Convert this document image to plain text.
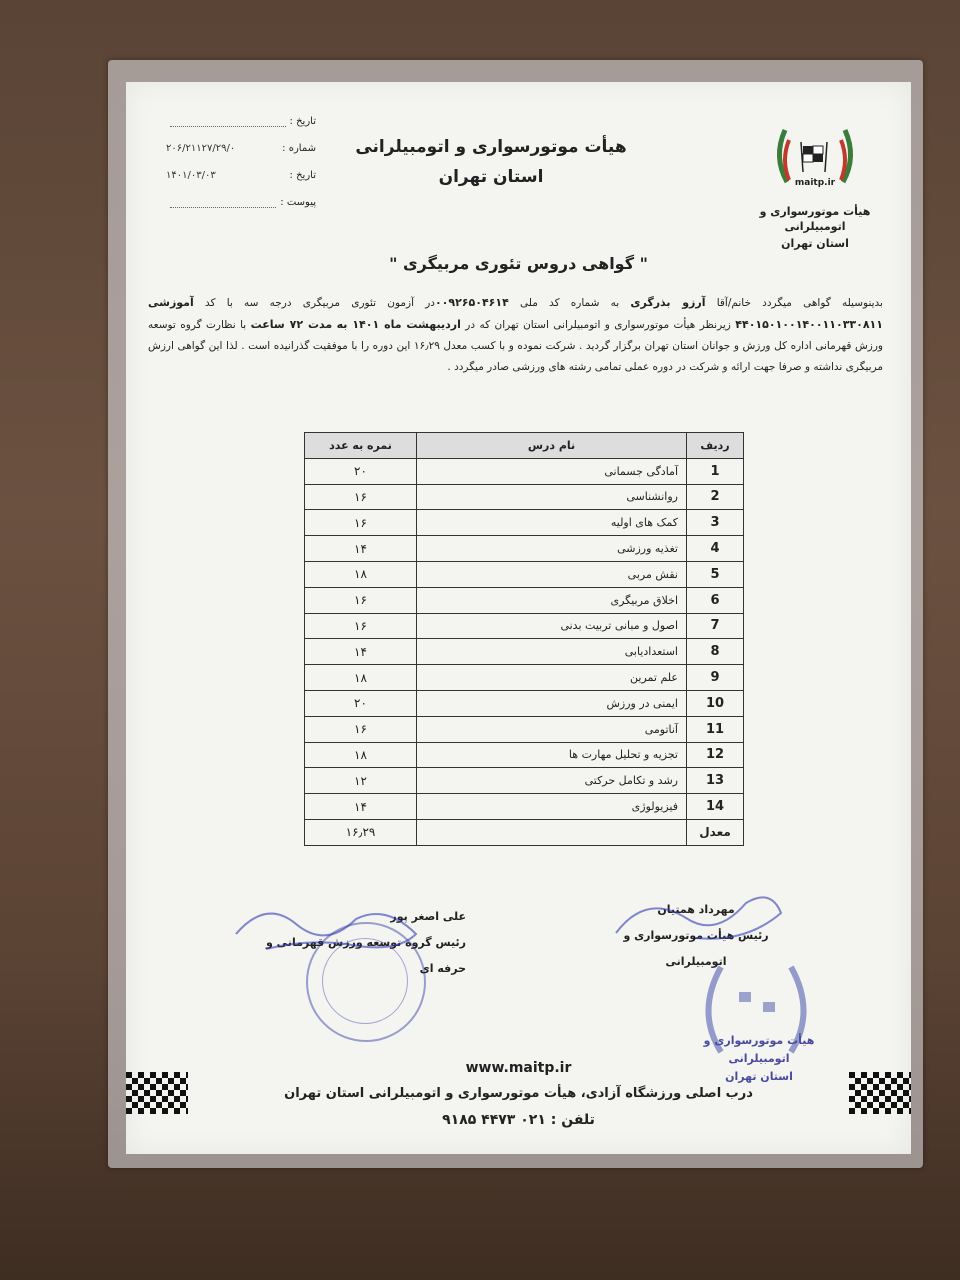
maitp.ir
هیأت موتورسواری و اتومبیلرانی
استان تهران
هیأت موتورسواری و اتومبیلرانی
استان تهران
تاریخ :
شماره :
۲۰۶/۲۱۱۲۷/۲۹/۰
تاریخ :
۱۴۰۱/۰۳/۰۳
پیوست :
" گواهی دروس تئوری مربیگری "
بدینوسیله گواهی میگردد خانم/آقا آرزو بذرگری به شماره کد ملی ۰۰۹۲۶۵۰۴۶۱۴در آزمون تئوری مربیگری درجه سه با کد آموزشی ۴۴۰۱۵۰۱۰۰۱۴۰۰۱۱۰۳۳۰۸۱۱ زیرنظر هیأت موتورسواری و اتومبیلرانی استان تهران که در اردیبهشت ماه ۱۴۰۱ به مدت ۷۲ ساعت با نظارت گروه توسعه ورزش قهرمانی اداره کل ورزش و جوانان استان تهران برگزار گردید . شرکت نموده و با کسب معدل ۱۶٫۲۹ این دوره را با موفقیت گذرانیده است . لذا این گواهی ارزش مربیگری نداشته و صرفا جهت ارائه و شرکت در دوره عملی تمامی رشته های ورزشی صادر میگردد .
ردیف	نام درس	نمره به عدد
1	آمادگی جسمانی	۲۰
2	روانشناسی	۱۶
3	کمک های اولیه	۱۶
4	تغذیه ورزشی	۱۴
5	نقش مربی	۱۸
6	اخلاق مربیگری	۱۶
7	اصول و مبانی تربیت بدنی	۱۶
8	استعدادیابی	۱۴
9	علم تمرین	۱۸
10	ایمنی در ورزش	۲۰
11	آناتومی	۱۶
12	تجزیه و تحلیل مهارت ها	۱۸
13	رشد و تکامل حرکتی	۱۲
14	فیزیولوژی	۱۴
معدل		۱۶٫۲۹
علی اصغر پور
رئیس گروه توسعه ورزش قهرمانی و حرفه ای
مهرداد همتیان
رئیس هیأت موتورسواری و اتومبیلرانی
هیأت موتورسواری و اتومبیلرانی
استان تهران
www.maitp.ir
درب اصلی ورزشگاه آزادی، هیأت موتورسواری و اتومبیلرانی استان تهران
تلفن : ۰۲۱ ۴۴۷۳ ۹۱۸۵
